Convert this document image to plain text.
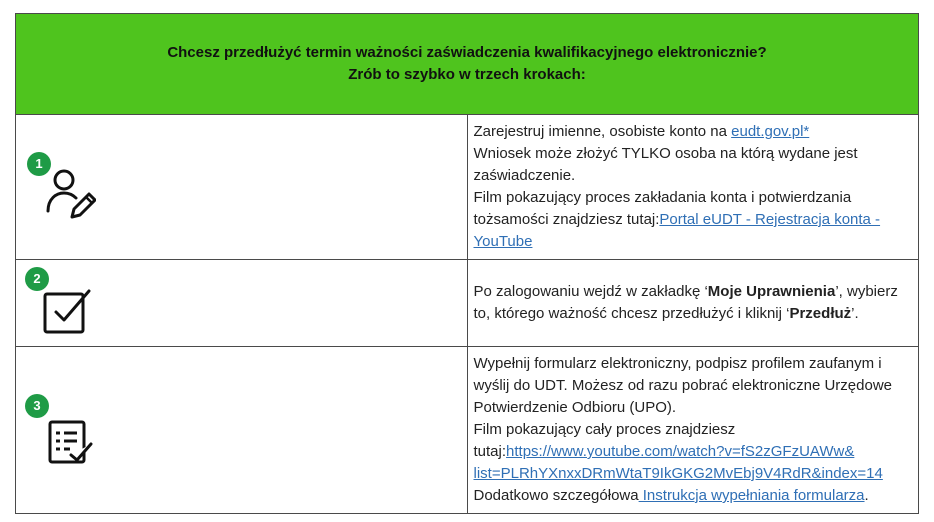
Chcesz przedłużyć termin ważności zaświadczenia kwalifikacyjnego elektronicznie?
Zrób to szybko w trzech krokach:	

1	Zarejestruj imienne, osobiste konto na eudt.gov.pl*
Wniosek może złożyć TYLKO osoba na którą wydane jest zaświadczenie.
Film pokazujący proces zakładania konta i potwierdzania tożsamości znajdziesz tutaj:Portal eUDT - Rejestracja konta - YouTube

2	Po zalogowaniu wejdź w zakładkę ‘Moje Uprawnienia’, wybierz to, którego ważność chcesz przedłużyć i kliknij ‘Przedłuż’.

3	Wypełnij formularz elektroniczny, podpisz profilem zaufanym i wyślij do UDT. Możesz od razu pobrać elektroniczne Urzędowe Potwierdzenie Odbioru (UPO).
Film pokazujący cały proces znajdziesz tutaj:https://www.youtube.com/watch?v=fS2zGFzUAWw& list=PLRhYXnxxDRmWtaT9IkGKG2MvEbj9V4RdR&index=14
Dodatkowo szczegółowa Instrukcja wypełniania formularza.
